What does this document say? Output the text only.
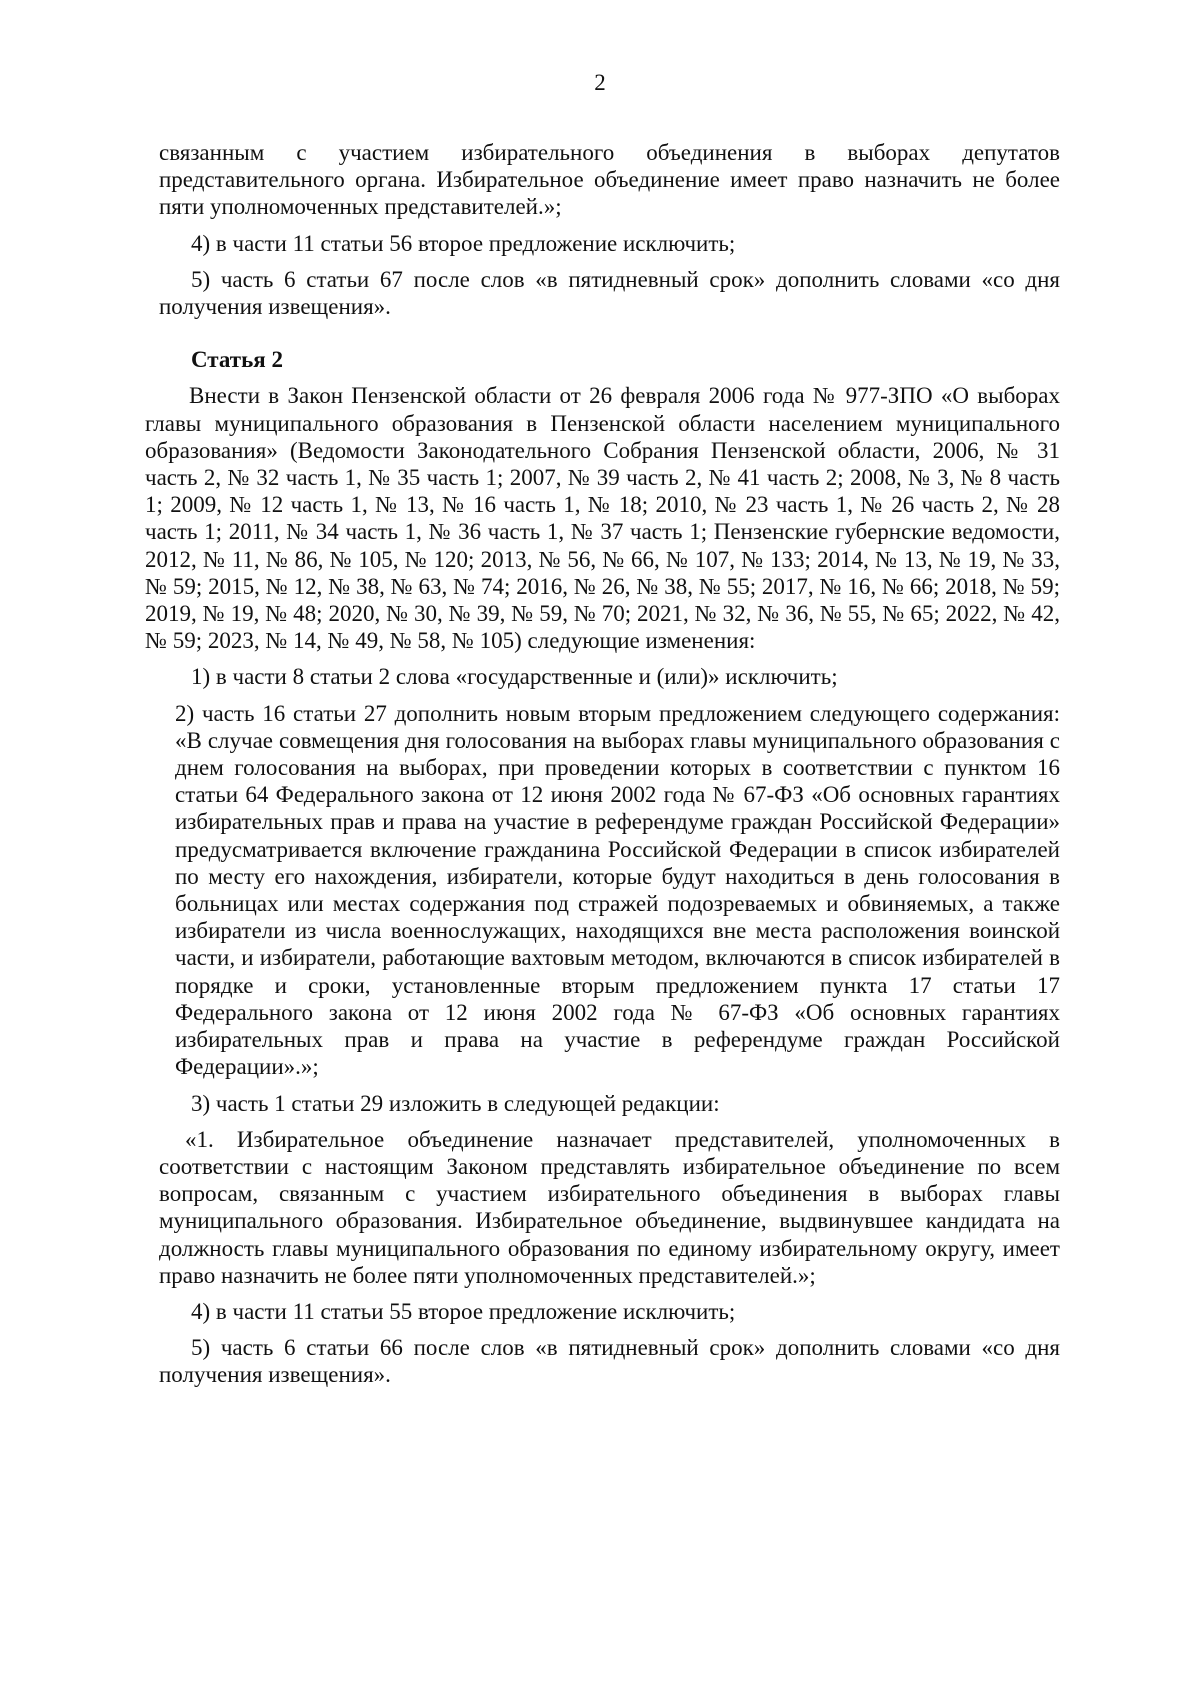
2

связанным с участием избирательного объединения в выборах депутатов представительного органа. Избирательное объединение имеет право назначить не более пяти уполномоченных представителей.»;

4) в части 11 статьи 56 второе предложение исключить;

5) часть 6 статьи 67 после слов «в пятидневный срок» дополнить словами «со дня получения извещения».

Статья 2

Внести в Закон Пензенской области от 26 февраля 2006 года № 977-ЗПО «О выборах главы муниципального образования в Пензенской области населением муниципального образования» (Ведомости Законодательного Собрания Пензенской области, 2006, № 31 часть 2, № 32 часть 1, № 35 часть 1; 2007, № 39 часть 2, № 41 часть 2; 2008, № 3, № 8 часть 1; 2009, № 12 часть 1, № 13, № 16 часть 1, № 18; 2010, № 23 часть 1, № 26 часть 2, № 28 часть 1; 2011, № 34 часть 1, № 36 часть 1, № 37 часть 1; Пензенские губернские ведомости, 2012, № 11, № 86, № 105, № 120; 2013, № 56, № 66, № 107, № 133; 2014, № 13, № 19, № 33, № 59; 2015, № 12, № 38, № 63, № 74; 2016, № 26, № 38, № 55; 2017, № 16, № 66; 2018, № 59; 2019, № 19, № 48; 2020, № 30, № 39, № 59, № 70; 2021, № 32, № 36, № 55, № 65; 2022, № 42, № 59; 2023, № 14, № 49, № 58, № 105) следующие изменения:

1) в части 8 статьи 2 слова «государственные и (или)» исключить;

2) часть 16 статьи 27 дополнить новым вторым предложением следующего содержания: «В случае совмещения дня голосования на выборах главы муниципального образования с днем голосования на выборах, при проведении которых в соответствии с пунктом 16 статьи 64 Федерального закона от 12 июня 2002 года № 67-ФЗ «Об основных гарантиях избирательных прав и права на участие в референдуме граждан Российской Федерации» предусматривается включение гражданина Российской Федерации в список избирателей по месту его нахождения, избиратели, которые будут находиться в день голосования в больницах или местах содержания под стражей подозреваемых и обвиняемых, а также избиратели из числа военнослужащих, находящихся вне места расположения воинской части, и избиратели, работающие вахтовым методом, включаются в список избирателей в порядке и сроки, установленные вторым предложением пункта 17 статьи 17 Федерального закона от 12 июня 2002 года № 67-ФЗ «Об основных гарантиях избирательных прав и права на участие в референдуме граждан Российской Федерации».»;

3) часть 1 статьи 29 изложить в следующей редакции:

«1. Избирательное объединение назначает представителей, уполномоченных в соответствии с настоящим Законом представлять избирательное объединение по всем вопросам, связанным с участием избирательного объединения в выборах главы муниципального образования. Избирательное объединение, выдвинувшее кандидата на должность главы муниципального образования по единому избирательному округу, имеет право назначить не более пяти уполномоченных представителей.»;

4) в части 11 статьи 55 второе предложение исключить;

5) часть 6 статьи 66 после слов «в пятидневный срок» дополнить словами «со дня получения извещения».
